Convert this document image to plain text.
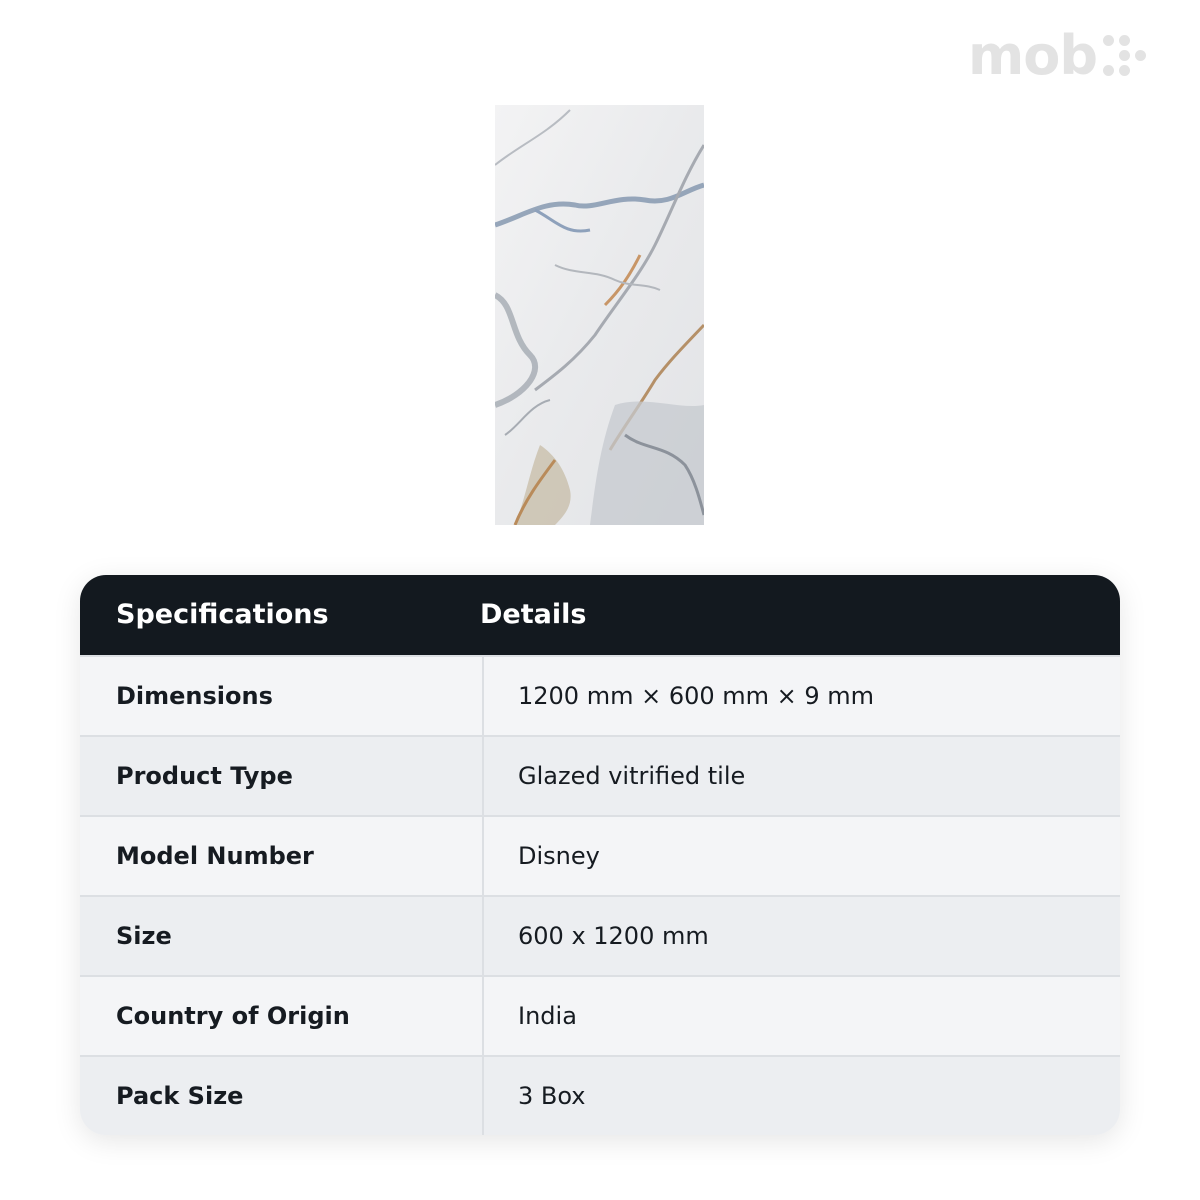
mob
Specifications	Details
Dimensions	1200 mm × 600 mm × 9 mm
Product Type	Glazed vitrified tile
Model Number	Disney
Size	600 x 1200 mm
Country of Origin	India
Pack Size	3 Box
